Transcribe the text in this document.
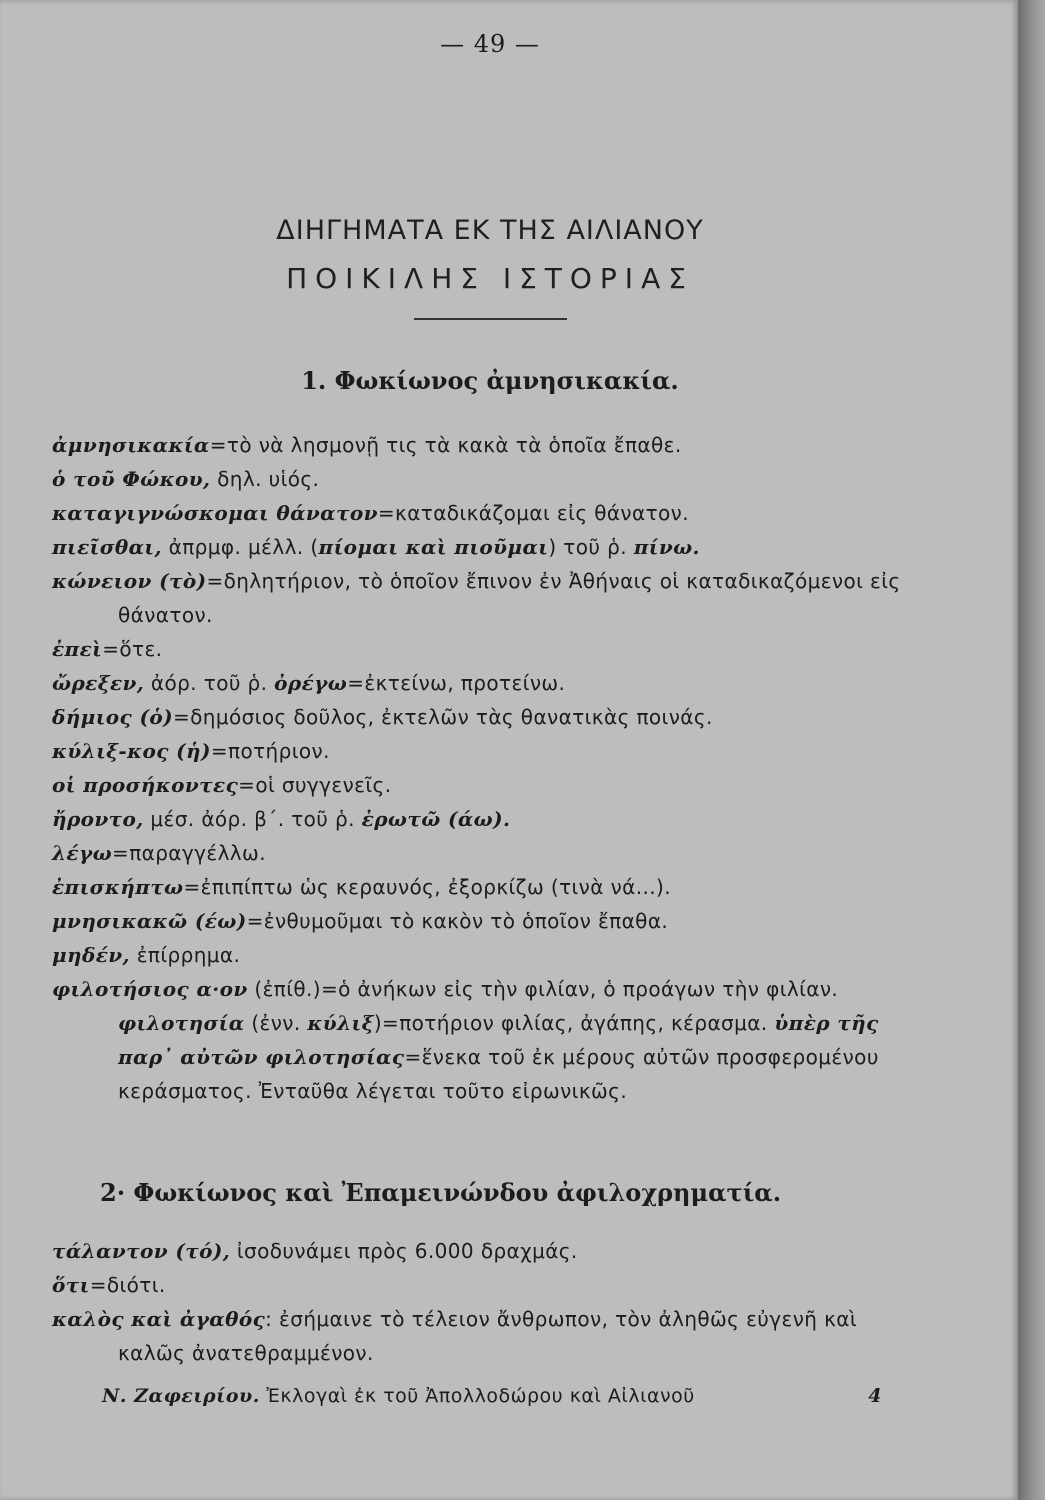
— 49 —
ΔΙΗΓΗΜΑΤΑ ΕΚ ΤΗΣ ΑΙΛΙΑΝΟΥ
ΠΟΙΚΙΛΗΣ ΙΣΤΟΡΙΑΣ
1. Φωκίωνος ἀμνησικακία.
ἀμνησικακία=τὸ νὰ λησμονῇ τις τὰ κακὰ τὰ ὁποῖα ἔπαθε.
ὁ τοῦ Φώκου, δηλ. υἱός.
καταγιγνώσκομαι θάνατον=καταδικάζομαι εἰς θάνατον.
πιεῖσθαι, ἀπρμφ. μέλλ. (πίομαι καὶ πιοῦμαι) τοῦ ῥ. πίνω.
κώνειον (τὸ)=δηλητήριον, τὸ ὁποῖον ἔπινον ἐν Ἀθήναις οἱ καταδικαζόμενοι εἰς θάνατον.
ἐπεὶ=ὅτε.
ὤρεξεν, ἀόρ. τοῦ ῥ. ὀρέγω=ἐκτείνω, προτείνω.
δήμιος (ὁ)=δημόσιος δοῦλος, ἐκτελῶν τὰς θανατικὰς ποινάς.
κύλιξ-κος (ἡ)=ποτήριον.
οἱ προσήκοντες=οἱ συγγενεῖς.
ἤροντο, μέσ. ἀόρ. β΄. τοῦ ῥ. ἐρωτῶ (άω).
λέγω=παραγγέλλω.
ἐπισκήπτω=ἐπιπίπτω ὡς κεραυνός, ἐξορκίζω (τινὰ νά...).
μνησικακῶ (έω)=ἐνθυμοῦμαι τὸ κακὸν τὸ ὁποῖον ἔπαθα.
μηδέν, ἐπίρρημα.
φιλοτήσιος α·ον (ἐπίθ.)=ὁ ἀνήκων εἰς τὴν φιλίαν, ὁ προάγων τὴν φιλίαν. φιλοτησία (ἐνν. κύλιξ)=ποτήριον φιλίας, ἀγάπης, κέρασμα. ὑπὲρ τῆς παρ᾽ αὐτῶν φιλοτησίας=ἕνεκα τοῦ ἐκ μέρους αὐτῶν προσφερομένου κεράσματος. Ἐνταῦθα λέγεται τοῦτο εἰρωνικῶς.
2· Φωκίωνος καὶ Ἐπαμεινώνδου ἀφιλοχρηματία.
τάλαντον (τό), ἰσοδυνάμει πρὸς 6.000 δραχμάς.
ὅτι=διότι.
καλὸς καὶ ἀγαθός: ἐσήμαινε τὸ τέλειον ἄνθρωπον, τὸν ἀληθῶς εὐγενῆ καὶ καλῶς ἀνατεθραμμένον.
Ν. Ζαφειρίου. Ἐκλογαὶ ἐκ τοῦ Ἀπολλοδώρου καὶ Αἰλιανοῦ	4
